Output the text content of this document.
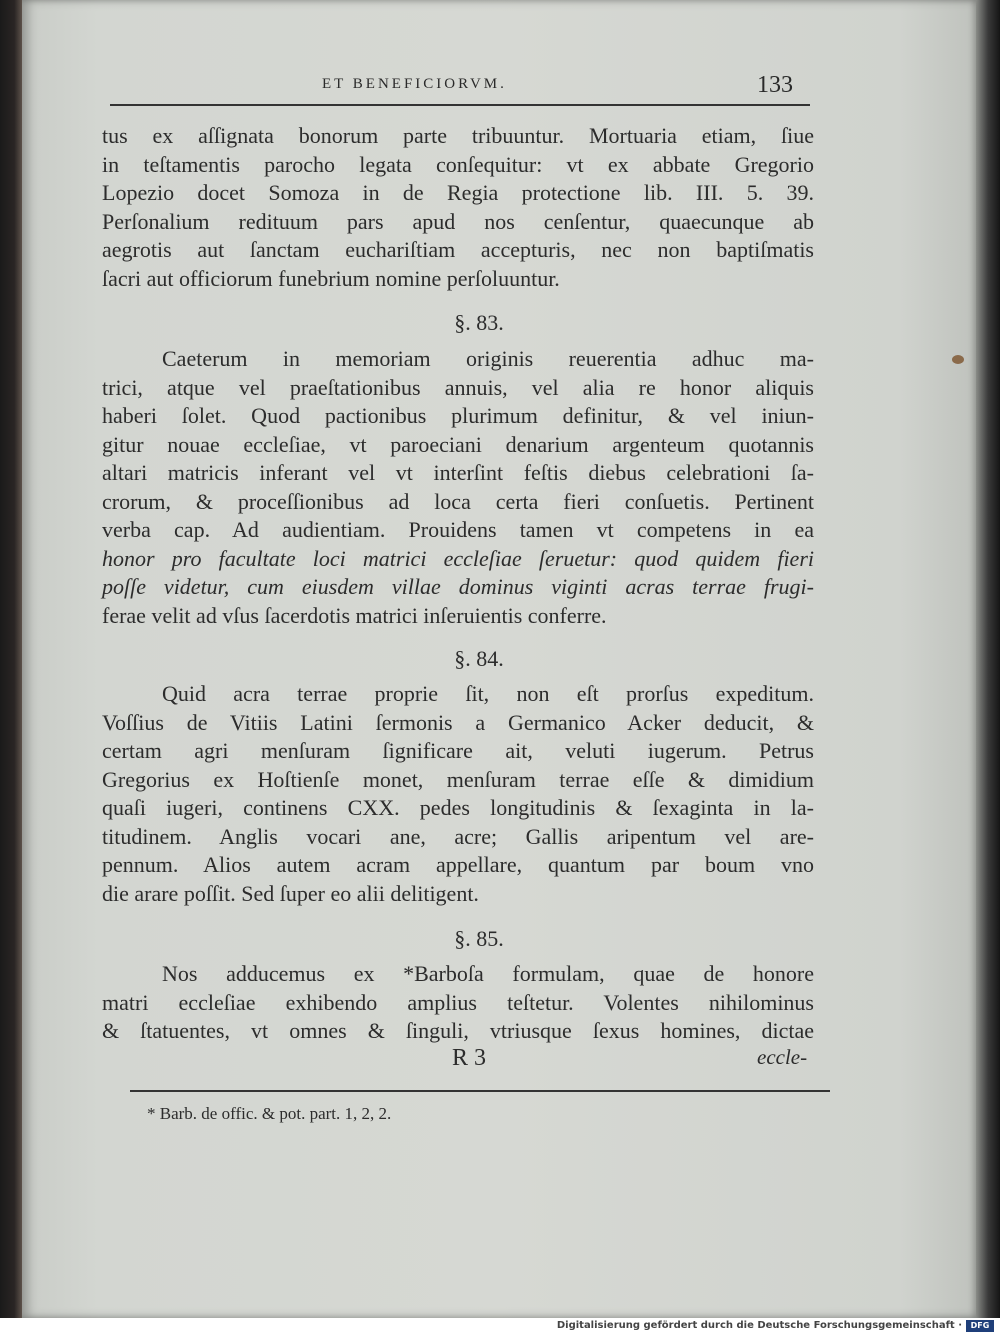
ET BENEFICIORVM.	133
tus ex aſſignata bonorum parte tribuuntur. Mortuaria etiam, ſiue
in teſtamentis parocho legata conſequitur: vt ex abbate Gregorio
Lopezio docet Somoza in de Regia protectione lib. III. 5. 39.
Perſonalium redituum pars apud nos cenſentur, quaecunque ab
aegrotis aut ſanctam euchariſtiam accepturis, nec non baptiſmatis
ſacri aut officiorum funebrium nomine perſoluuntur.
§. 83.
Caeterum in memoriam originis reuerentia adhuc ma-
trici, atque vel praeſtationibus annuis, vel alia re honor aliquis
haberi ſolet. Quod pactionibus plurimum definitur, & vel iniun-
gitur nouae eccleſiae, vt paroeciani denarium argenteum quotannis
altari matricis inferant vel vt interſint feſtis diebus celebrationi ſa-
crorum, & proceſſionibus ad loca certa fieri conſuetis. Pertinent
verba cap. Ad audientiam. Prouidens tamen vt competens in ea
honor pro facultate loci matrici eccleſiae ſeruetur: quod quidem fieri
poſſe videtur, cum eiusdem villae dominus viginti acras terrae frugi-
ferae velit ad vſus ſacerdotis matrici inſeruientis conferre.
§. 84.
Quid acra terrae proprie ſit, non eſt prorſus expeditum.
Voſſius de Vitiis Latini ſermonis a Germanico Acker deducit, &
certam agri menſuram ſignificare ait, veluti iugerum. Petrus
Gregorius ex Hoſtienſe monet, menſuram terrae eſſe & dimidium
quaſi iugeri, continens CXX. pedes longitudinis & ſexaginta in la-
titudinem. Anglis vocari ane, acre; Gallis aripentum vel are-
pennum. Alios autem acram appellare, quantum par boum vno
die arare poſſit. Sed ſuper eo alii delitigent.
§. 85.
Nos adducemus ex *Barboſa formulam, quae de honore
matri eccleſiae exhibendo amplius teſtetur. Volentes nihilominus
& ſtatuentes, vt omnes & ſinguli, vtriusque ſexus homines, dictae
R 3	eccle-
* Barb. de offic. & pot. part. 1, 2, 2.
Digitalisierung gefördert durch die Deutsche Forschungsgemeinschaft ·	DFG
